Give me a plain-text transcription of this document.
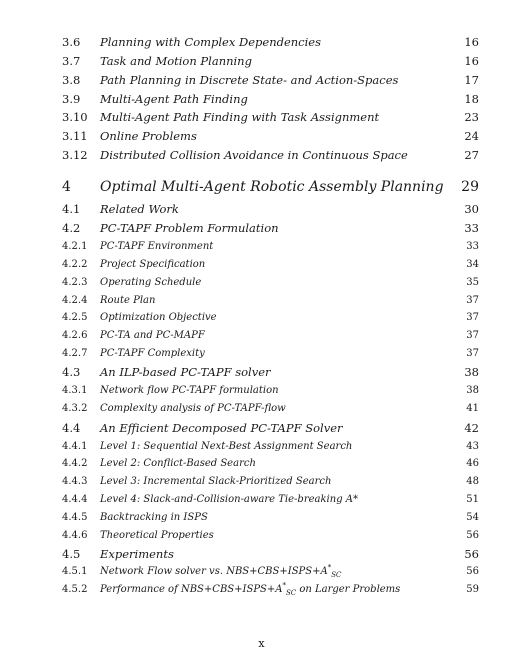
3.6 Planning with Complex Dependencies	16
3.7 Task and Motion Planning	16
3.8 Path Planning in Discrete State- and Action-Spaces	17
3.9 Multi-Agent Path Finding	18
3.10 Multi-Agent Path Finding with Task Assignment	23
3.11 Online Problems	24
3.12 Distributed Collision Avoidance in Continuous Space	27
4 Optimal Multi-Agent Robotic Assembly Planning 29
4.1 Related Work	30
4.2 PC-TAPF Problem Formulation	33
4.2.1 PC-TAPF Environment	33
4.2.2 Project Specification	34
4.2.3 Operating Schedule	35
4.2.4 Route Plan	37
4.2.5 Optimization Objective	37
4.2.6 PC-TA and PC-MAPF	37
4.2.7 PC-TAPF Complexity	37
4.3 An ILP-based PC-TAPF solver	38
4.3.1 Network flow PC-TAPF formulation	38
4.3.2 Complexity analysis of PC-TAPF-flow	41
4.4 An Efficient Decomposed PC-TAPF Solver	42
4.4.1 Level 1: Sequential Next-Best Assignment Search	43
4.4.2 Level 2: Conflict-Based Search	46
4.4.3 Level 3: Incremental Slack-Prioritized Search	48
4.4.4 Level 4: Slack-and-Collision-aware Tie-breaking A*	51
4.4.5 Backtracking in ISPS	54
4.4.6 Theoretical Properties	56
4.5 Experiments	56
4.5.1 Network Flow solver vs. $NBS+CBS+ISPS+A^*_{SC}$	56
4.5.2 Performance of $NBS+CBS+ISPS+A^*_{SC}$ on Larger Problems	59
x
